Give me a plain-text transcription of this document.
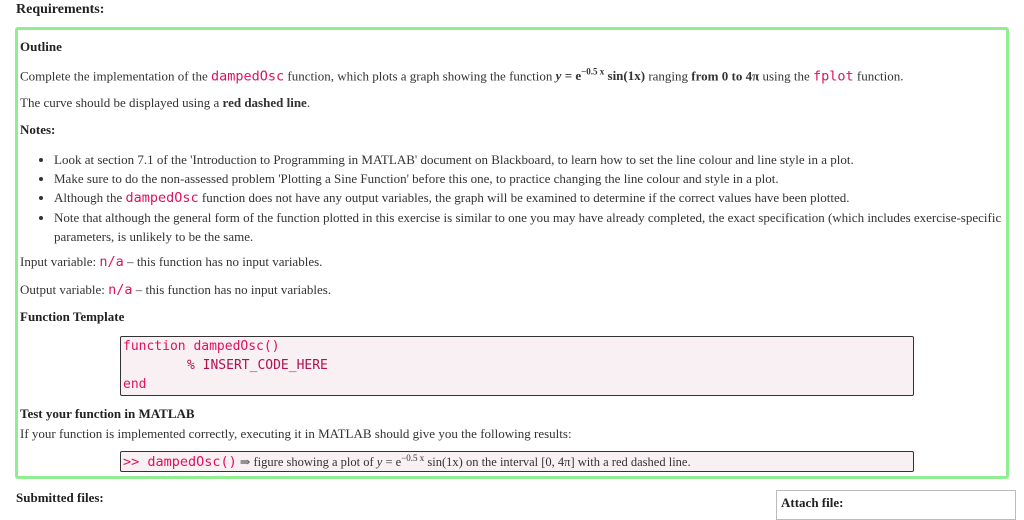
Requirements:
Outline
Complete the implementation of the dampedOsc function, which plots a graph showing the function $y = e^{-0.5 x}$ sin(1x) ranging from 0 to 4π using the fplot function.
The curve should be displayed using a red dashed line.
Notes:
• Look at section 7.1 of the 'Introduction to Programming in MATLAB' document on Blackboard, to learn how to set the line colour and line style in a plot.
• Make sure to do the non-assessed problem 'Plotting a Sine Function' before this one, to practice changing the line colour and style in a plot.
• Although the dampedOsc function does not have any output variables, the graph will be examined to determine if the correct values have been plotted.
• Note that although the general form of the function plotted in this exercise is similar to one you may have already completed, the exact specification (which includes exercise-specific parameters, is unlikely to be the same.
Input variable: n/a – this function has no input variables.
Output variable: n/a – this function has no input variables.
Function Template
function dampedOsc()
% INSERT_CODE_HERE
end
Test your function in MATLAB
If your function is implemented correctly, executing it in MATLAB should give you the following results:
>> dampedOsc() ⇒ figure showing a plot of $y = e^{-0.5 x}$ sin(1x) on the interval [0, 4π] with a red dashed line.
Submitted files:	Attach file:
